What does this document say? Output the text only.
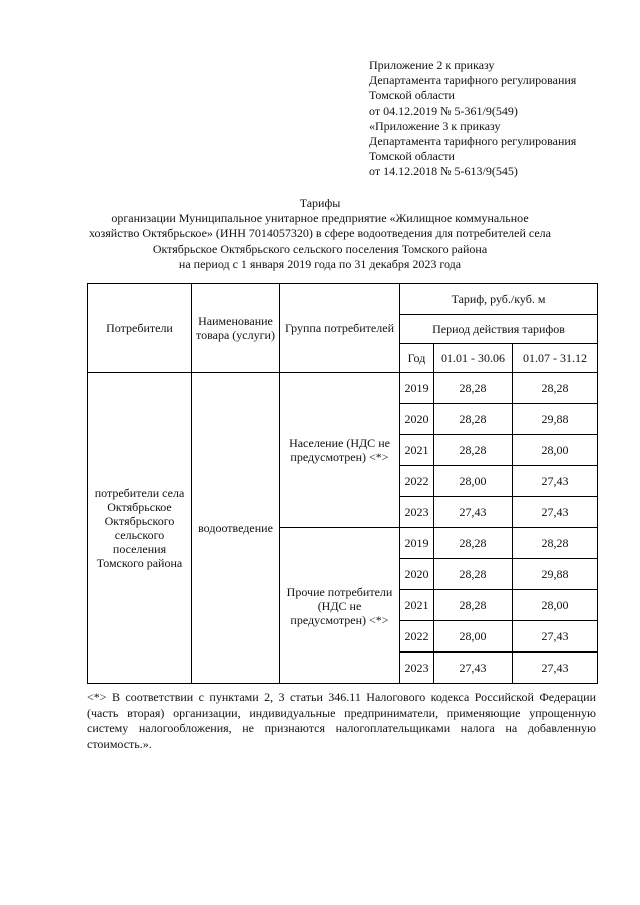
Приложение 2 к приказу
Департамента тарифного регулирования
Томской области
от 04.12.2019 № 5-361/9(549)
«Приложение 3 к приказу
Департамента тарифного регулирования
Томской области
от 14.12.2018 № 5-613/9(545)
Тарифы
организации Муниципальное унитарное предприятие «Жилищное коммунальное
хозяйство Октябрьское» (ИНН 7014057320) в сфере водоотведения для потребителей села
Октябрьское Октябрьского сельского поселения Томского района
на период с 1 января 2019 года по 31 декабря 2023 года
Потребители	Наименование товара (услуги)	Группа потребителей	Тариф, руб./куб. м		
			Период действия тарифов		
			Год	01.01 - 30.06	01.07 - 31.12
потребители села Октябрьское Октябрьского сельского поселения Томского района	водоотведение	Население (НДС не предусмотрен) <*>	2019	28,28	28,28
			2020	28,28	29,88
			2021	28,28	28,00
			2022	28,00	27,43
			2023	27,43	27,43
		Прочие потребители (НДС не предусмотрен) <*>	2019	28,28	28,28
			2020	28,28	29,88
			2021	28,28	28,00
			2022	28,00	27,43
			2023	27,43	27,43
<*> В соответствии с пунктами 2, 3 статьи 346.11 Налогового кодекса Российской Федерации (часть вторая) организации, индивидуальные предприниматели, применяющие упрощенную систему налогообложения, не признаются налогоплательщиками налога на добавленную стоимость.».
